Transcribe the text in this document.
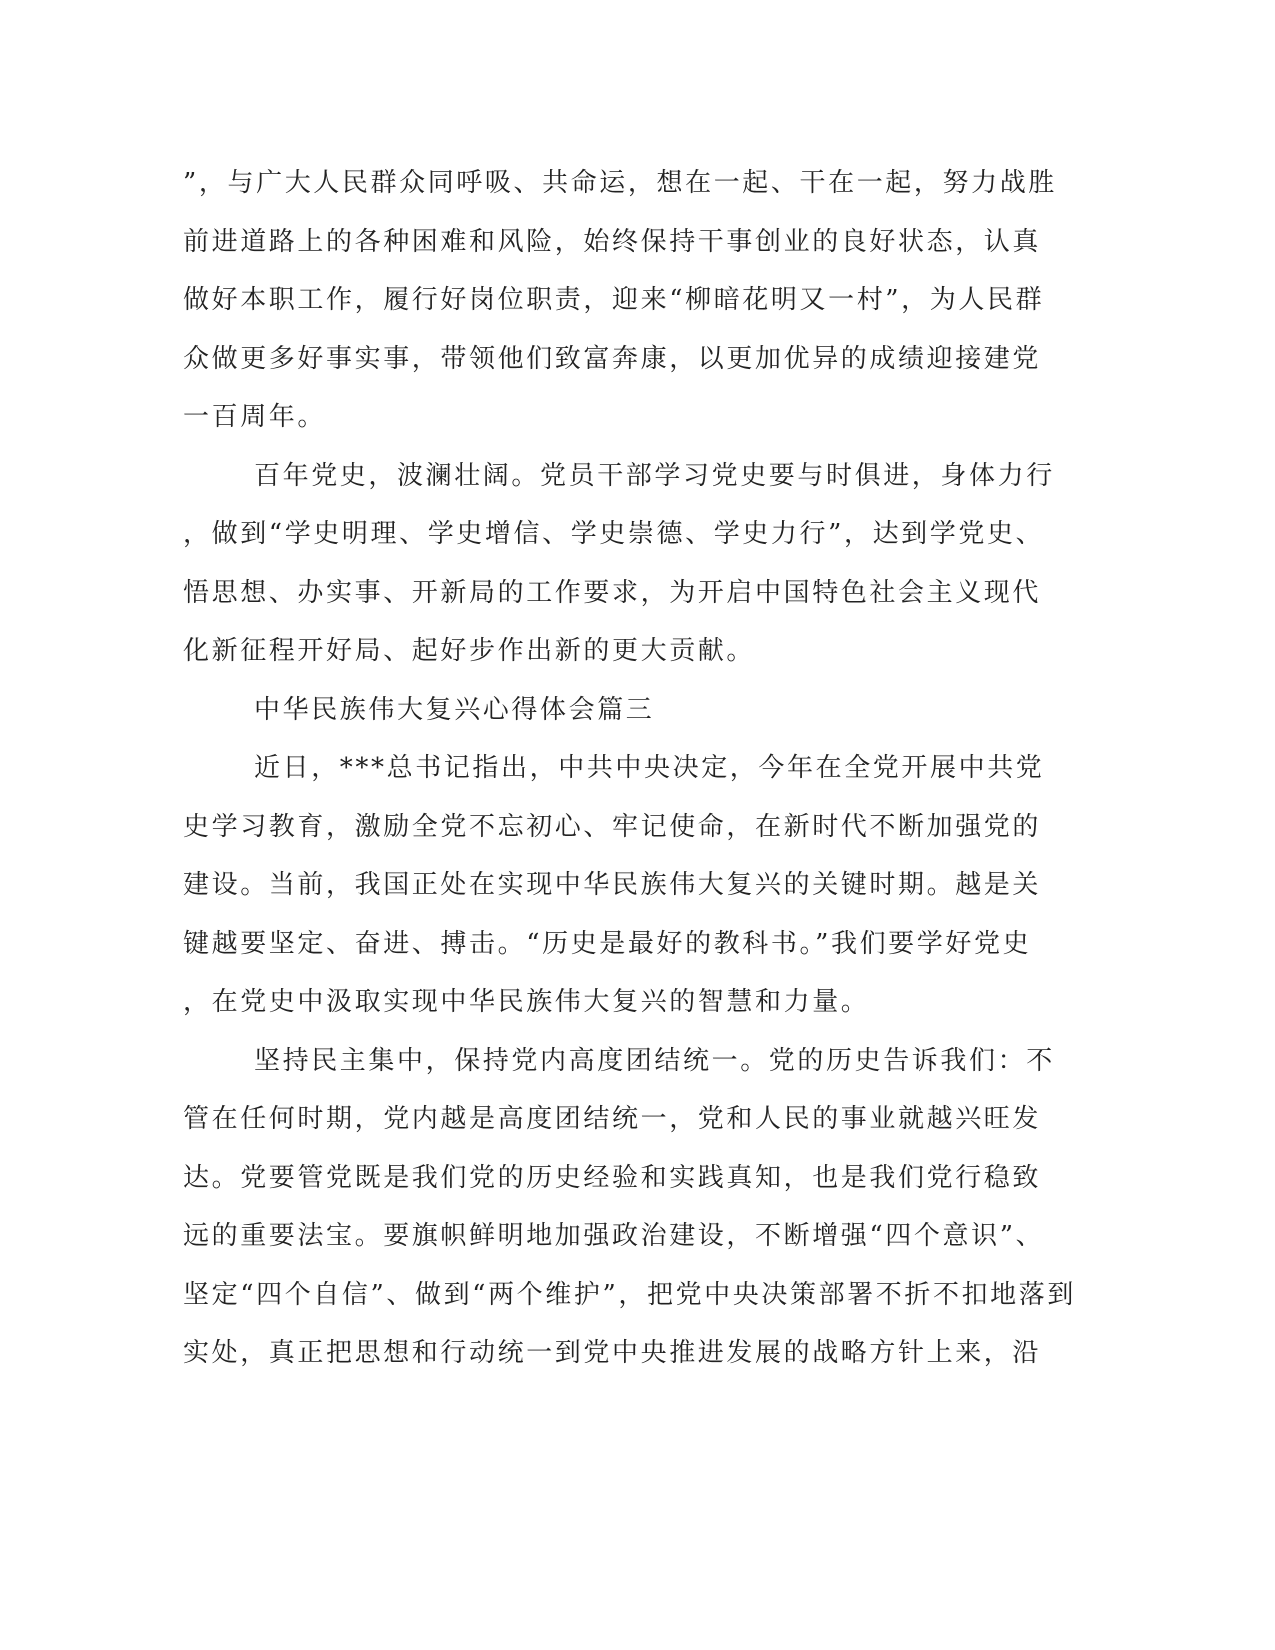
”，与广大人民群众同呼吸、共命运，想在一起、干在一起，努力战胜
前进道路上的各种困难和风险，始终保持干事创业的良好状态，认真
做好本职工作，履行好岗位职责，迎来“柳暗花明又一村”，为人民群
众做更多好事实事，带领他们致富奔康，以更加优异的成绩迎接建党
一百周年。
百年党史，波澜壮阔。党员干部学习党史要与时俱进，身体力行
，做到“学史明理、学史增信、学史崇德、学史力行”，达到学党史、
悟思想、办实事、开新局的工作要求，为开启中国特色社会主义现代
化新征程开好局、起好步作出新的更大贡献。
中华民族伟大复兴心得体会篇三
近日，***总书记指出，中共中央决定，今年在全党开展中共党
史学习教育，激励全党不忘初心、牢记使命，在新时代不断加强党的
建设。当前，我国正处在实现中华民族伟大复兴的关键时期。越是关
键越要坚定、奋进、搏击。“历史是最好的教科书。”我们要学好党史
，在党史中汲取实现中华民族伟大复兴的智慧和力量。
坚持民主集中，保持党内高度团结统一。党的历史告诉我们：不
管在任何时期，党内越是高度团结统一，党和人民的事业就越兴旺发
达。党要管党既是我们党的历史经验和实践真知，也是我们党行稳致
远的重要法宝。要旗帜鲜明地加强政治建设，不断增强“四个意识”、
坚定“四个自信”、做到“两个维护”，把党中央决策部署不折不扣地落到
实处，真正把思想和行动统一到党中央推进发展的战略方针上来，沿
